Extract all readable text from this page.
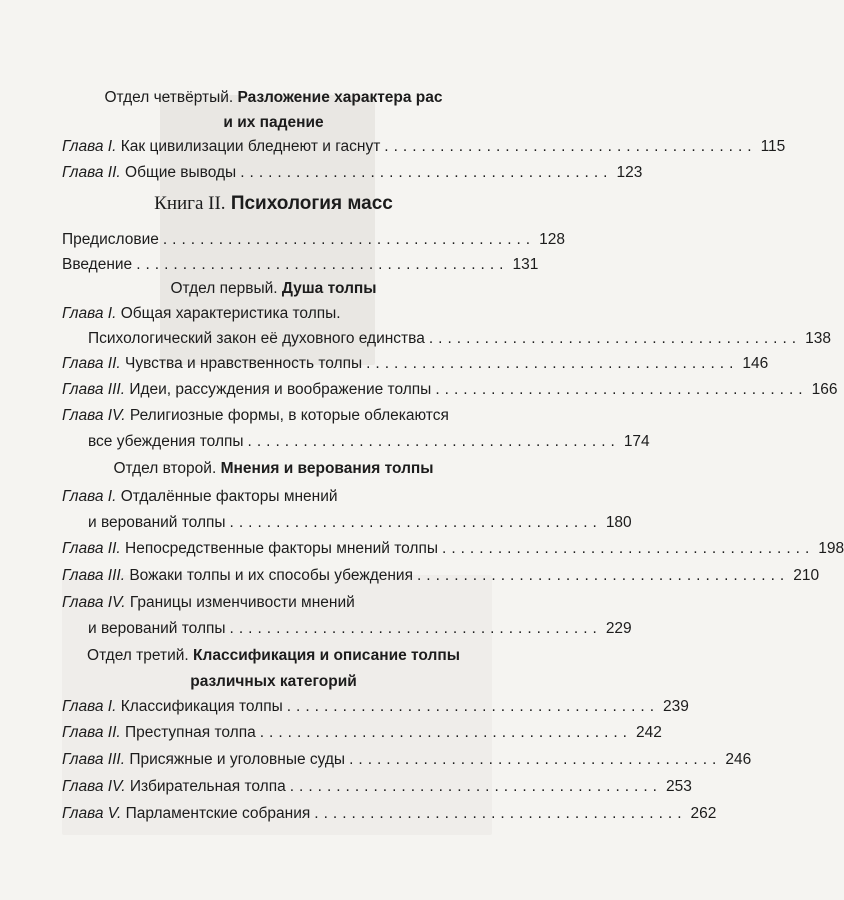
Отдел четвёртый. Разложение характера рас
и их падение
Глава I. Как цивилизации бледнеют и гаснут ........................................ 115
Глава II. Общие выводы ........................................ 123
Книга II. Психология масс
Предисловие ........................................ 128
Введение ........................................ 131
Отдел первый. Душа толпы
Глава I. Общая характеристика толпы.
Психологический закон её духовного единства ........................................ 138
Глава II. Чувства и нравственность толпы ........................................ 146
Глава III. Идеи, рассуждения и воображение толпы ........................................ 166
Глава IV. Религиозные формы, в которые облекаются
все убеждения толпы ........................................ 174
Отдел второй. Мнения и верования толпы
Глава I. Отдалённые факторы мнений
и верований толпы ........................................ 180
Глава II. Непосредственные факторы мнений толпы ........................................ 198
Глава III. Вожаки толпы и их способы убеждения ........................................ 210
Глава IV. Границы изменчивости мнений
и верований толпы ........................................ 229
Отдел третий. Классификация и описание толпы
различных категорий
Глава I. Классификация толпы ........................................ 239
Глава II. Преступная толпа ........................................ 242
Глава III. Присяжные и уголовные суды ........................................ 246
Глава IV. Избирательная толпа ........................................ 253
Глава V. Парламентские собрания ........................................ 262
